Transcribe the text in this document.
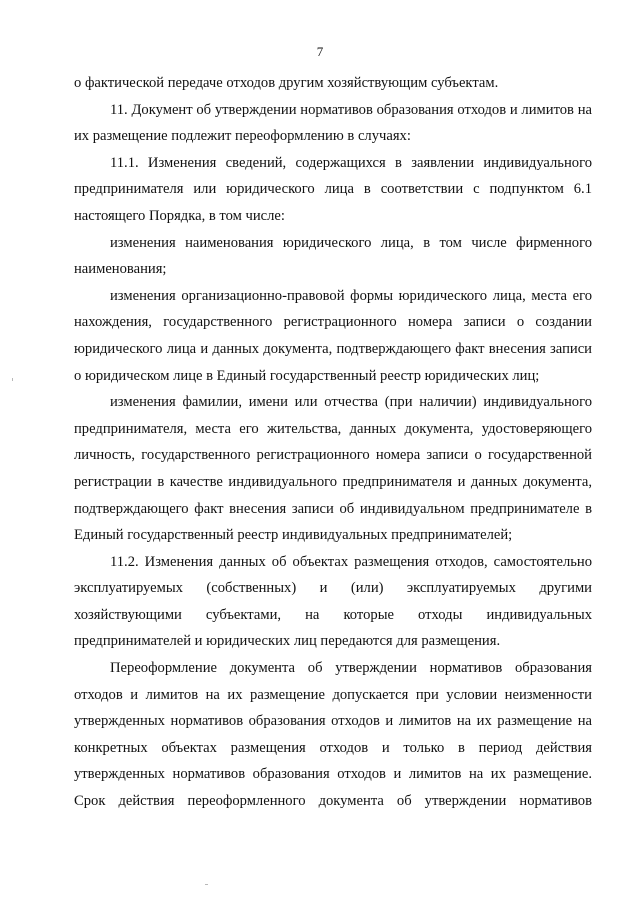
7

о фактической передаче отходов другим хозяйствующим субъектам.

11. Документ об утверждении нормативов образования отходов и лимитов на их размещение подлежит переоформлению в случаях:

11.1. Изменения сведений, содержащихся в заявлении индивидуального предпринимателя или юридического лица в соответствии с подпунктом 6.1 настоящего Порядка, в том числе:

изменения наименования юридического лица, в том числе фирменного наименования;

изменения организационно-правовой формы юридического лица, места его нахождения, государственного регистрационного номера записи о создании юридического лица и данных документа, подтверждающего факт внесения записи о юридическом лице в Единый государственный реестр юридических лиц;

изменения фамилии, имени или отчества (при наличии) индивидуального предпринимателя, места его жительства, данных документа, удостоверяющего личность, государственного регистрационного номера записи о государственной регистрации в качестве индивидуального предпринимателя и данных документа, подтверждающего факт внесения записи об индивидуальном предпринимателе в Единый государственный реестр индивидуальных предпринимателей;

11.2. Изменения данных об объектах размещения отходов, самостоятельно эксплуатируемых (собственных) и (или) эксплуатируемых другими хозяйствующими субъектами, на которые отходы индивидуальных предпринимателей и юридических лиц передаются для размещения.

Переоформление документа об утверждении нормативов образования отходов и лимитов на их размещение допускается при условии неизменности утвержденных нормативов образования отходов и лимитов на их размещение на конкретных объектах размещения отходов и только в период действия утвержденных нормативов образования отходов и лимитов на их размещение. Срок действия переоформленного документа об утверждении нормативов
